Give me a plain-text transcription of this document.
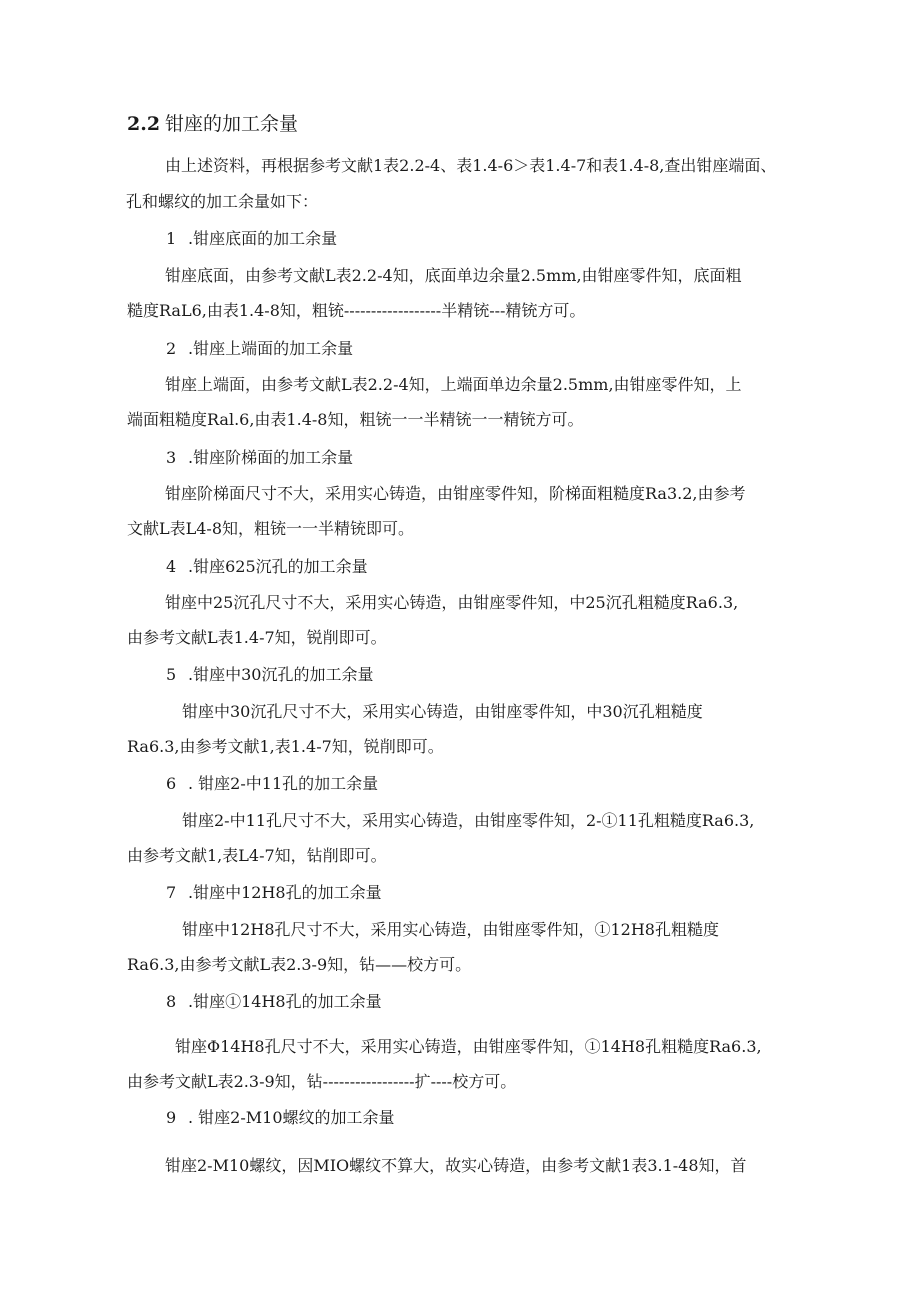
2.2 钳座的加工余量
由上述资料，再根据参考文献1表2.2-4、表1.4-6＞表1.4-7和表1.4-8,查出钳座端面、
孔和螺纹的加工余量如下：
1 .钳座底面的加工余量
钳座底面，由参考文献L表2.2-4知，底面单边余量2.5mm,由钳座零件知，底面粗
糙度RaL6,由表1.4-8知，粗铳------------------半精铳---精铳方可。
2 .钳座上端面的加工余量
钳座上端面，由参考文献L表2.2-4知，上端面单边余量2.5mm,由钳座零件知，上
端面粗糙度Ral.6,由表1.4-8知，粗铳一一半精铳一一精铳方可。
3 .钳座阶梯面的加工余量
钳座阶梯面尺寸不大，采用实心铸造，由钳座零件知，阶梯面粗糙度Ra3.2,由参考
文献L表L4-8知，粗铳一一半精铳即可。
4 .钳座625沉孔的加工余量
钳座中25沉孔尺寸不大，采用实心铸造，由钳座零件知，中25沉孔粗糙度Ra6.3,
由参考文献L表1.4-7知，锐削即可。
5 .钳座中30沉孔的加工余量
钳座中30沉孔尺寸不大，采用实心铸造，由钳座零件知，中30沉孔粗糙度
Ra6.3,由参考文献1,表1.4-7知，锐削即可。
6 . 钳座2-中11孔的加工余量
钳座2-中11孔尺寸不大，采用实心铸造，由钳座零件知，2-①11孔粗糙度Ra6.3,
由参考文献1,表L4-7知，钻削即可。
7 .钳座中12H8孔的加工余量
钳座中12H8孔尺寸不大，采用实心铸造，由钳座零件知，①12H8孔粗糙度
Ra6.3,由参考文献L表2.3-9知，钻——校方可。
8 .钳座①14H8孔的加工余量
钳座Φ14H8孔尺寸不大，采用实心铸造，由钳座零件知，①14H8孔粗糙度Ra6.3,
由参考文献L表2.3-9知，钻-----------------扩----校方可。
9 . 钳座2-M10螺纹的加工余量
钳座2-M10螺纹，因MIO螺纹不算大，故实心铸造，由参考文献1表3.1-48知，首
